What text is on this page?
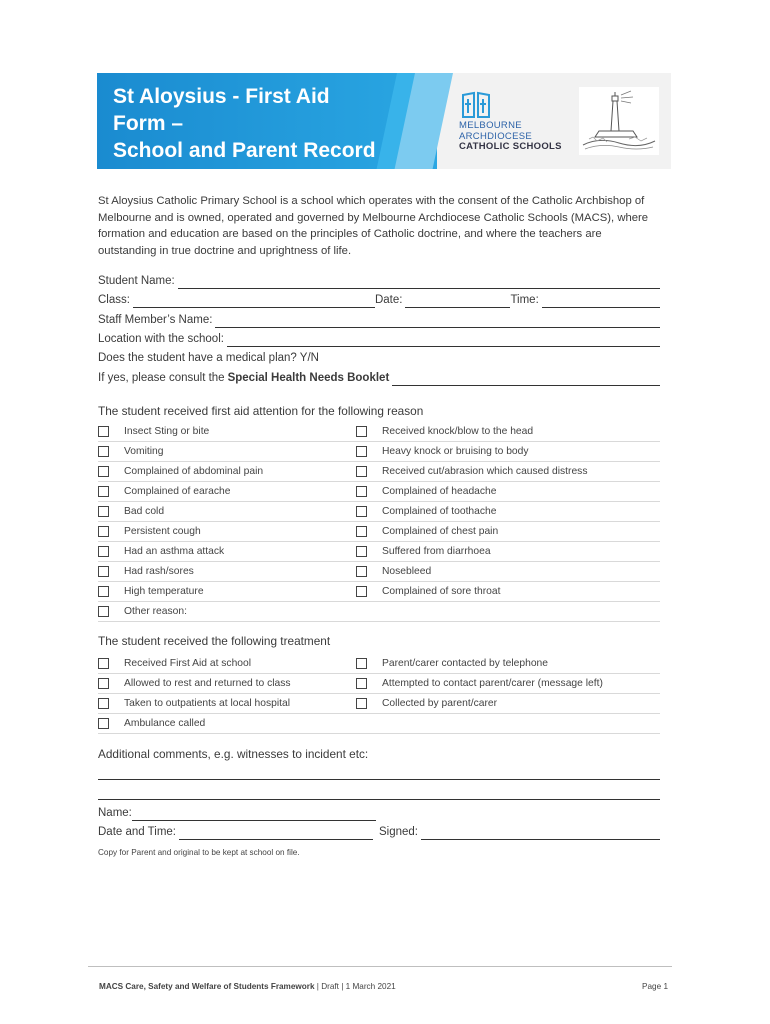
St Aloysius - First Aid
Form –
School and Parent Record
MELBOURNE
ARCHDIOCESE
CATHOLIC SCHOOLS

St Aloysius Catholic Primary School is a school which operates with the consent of the Catholic Archbishop of Melbourne and is owned, operated and governed by Melbourne Archdiocese Catholic Schools (MACS), where formation and education are based on the principles of Catholic doctrine, and where the teachers are outstanding in true doctrine and uprightness of life.

Student Name:
Class:	Date:	Time:
Staff Member’s Name:
Location with the school:
Does the student have a medical plan? Y/N
If yes, please consult the Special Health Needs Booklet

The student received first aid attention for the following reason

Insect Sting or bite	Received knock/blow to the head
Vomiting	Heavy knock or bruising to body
Complained of abdominal pain	Received cut/abrasion which caused distress
Complained of earache	Complained of headache
Bad cold	Complained of toothache
Persistent cough	Complained of chest pain
Had an asthma attack	Suffered from diarrhoea
Had rash/sores	Nosebleed
High temperature	Complained of sore throat
Other reason:

The student received the following treatment

Received First Aid at school	Parent/carer contacted by telephone
Allowed to rest and returned to class	Attempted to contact parent/carer (message left)
Taken to outpatients at local hospital	Collected by parent/carer
Ambulance called

Additional comments, e.g. witnesses to incident etc:

Name:
Date and Time:	Signed:
Copy for Parent and original to be kept at school on file.
MACS Care, Safety and Welfare of Students Framework | Draft | 1 March 2021	Page 1
